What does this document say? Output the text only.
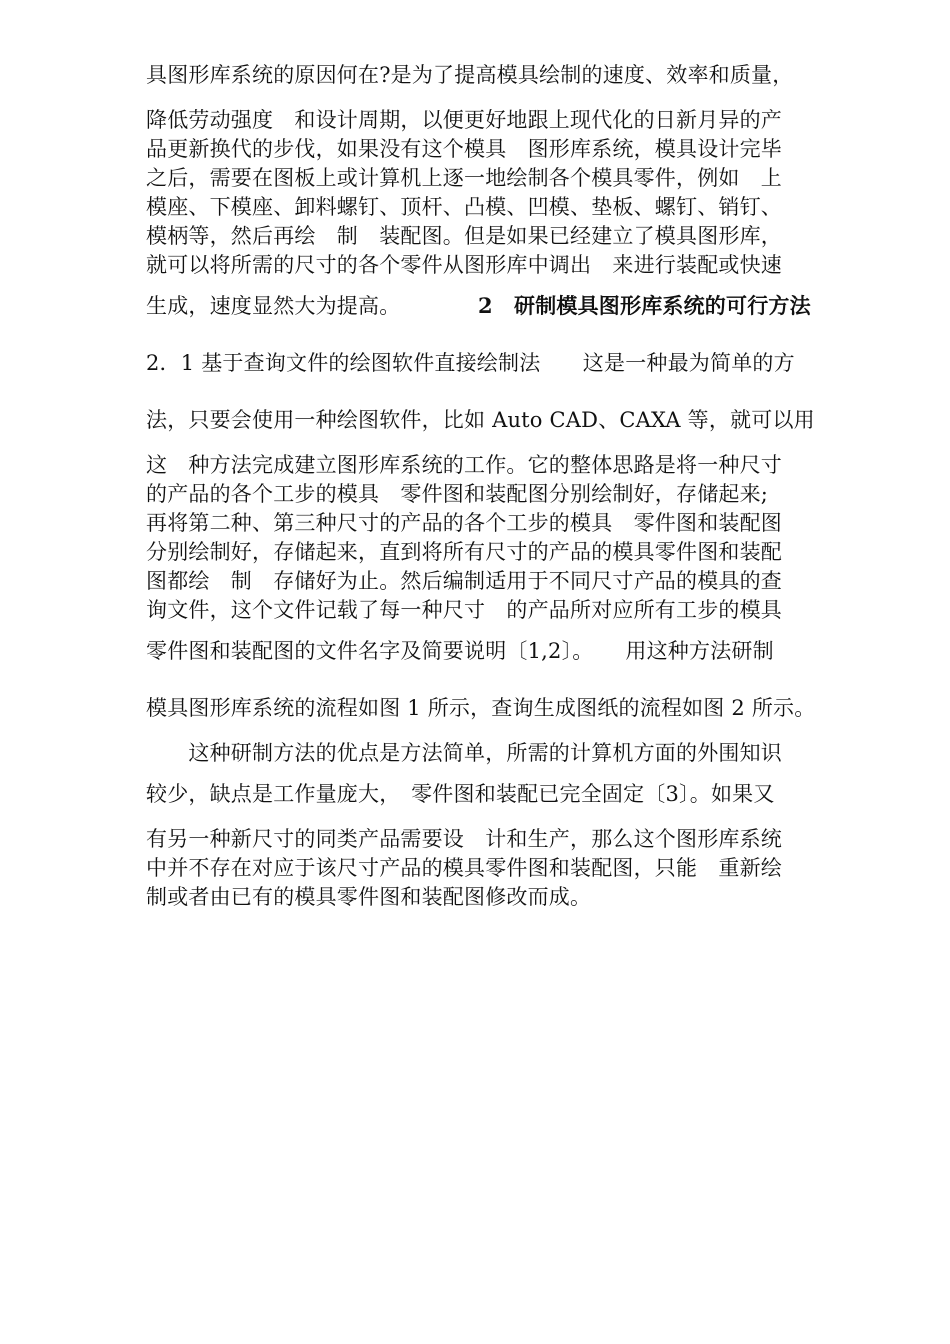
具图形库系统的原因何在?是为了提高模具绘制的速度、效率和质量，
降低劳动强度　和设计周期，以便更好地跟上现代化的日新月异的产
品更新换代的步伐，如果没有这个模具　图形库系统，模具设计完毕
之后，需要在图板上或计算机上逐一地绘制各个模具零件，例如　上
模座、下模座、卸料螺钉、顶杆、凸模、凹模、垫板、螺钉、销钉、
模柄等，然后再绘　制　装配图。但是如果已经建立了模具图形库，
就可以将所需的尺寸的各个零件从图形库中调出　来进行装配或快速
生成，速度显然大为提高。	2　研制模具图形库系统的可行方法
2．1 基于查询文件的绘图软件直接绘制法　　这是一种最为简单的方
法，只要会使用一种绘图软件，比如 Auto CAD、CAXA 等，就可以用
这　种方法完成建立图形库系统的工作。它的整体思路是将一种尺寸
的产品的各个工步的模具　零件图和装配图分别绘制好，存储起来;
再将第二种、第三种尺寸的产品的各个工步的模具　零件图和装配图
分别绘制好，存储起来，直到将所有尺寸的产品的模具零件图和装配
图都绘　制　存储好为止。然后编制适用于不同尺寸产品的模具的查
询文件，这个文件记载了每一种尺寸　的产品所对应所有工步的模具
零件图和装配图的文件名字及简要说明〔1,2〕。　　用这种方法研制
模具图形库系统的流程如图 1 所示，查询生成图纸的流程如图 2 所示。
　　这种研制方法的优点是方法简单，所需的计算机方面的外围知识
较少，缺点是工作量庞大，　零件图和装配已完全固定〔3〕。如果又
有另一种新尺寸的同类产品需要设　计和生产，那么这个图形库系统
中并不存在对应于该尺寸产品的模具零件图和装配图，只能　重新绘
制或者由已有的模具零件图和装配图修改而成。
